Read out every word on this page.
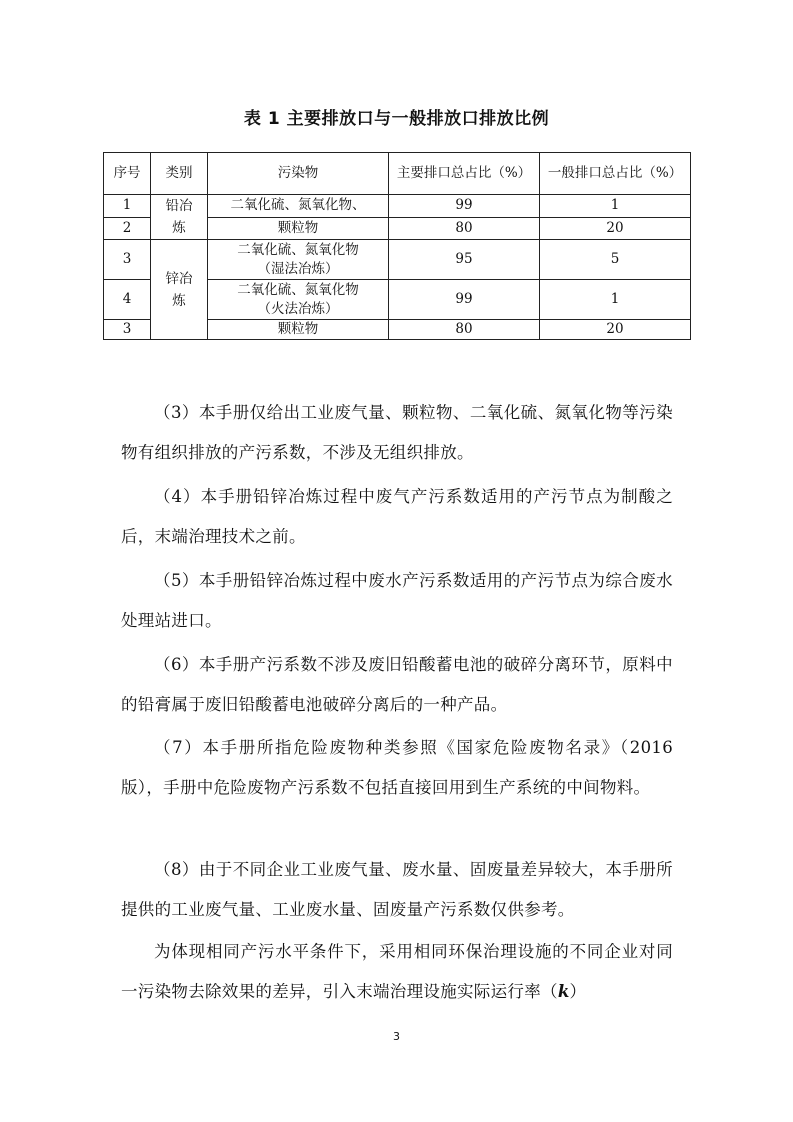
表 1 主要排放口与一般排放口排放比例
序号	类别	污染物	主要排口总占比（%）	一般排口总占比（%）
1	铅冶炼	二氧化硫、氮氧化物、	99	1
2		颗粒物	80	20
3	锌冶炼	二氧化硫、氮氧化物（湿法冶炼）	95	5
4		二氧化硫、氮氧化物（火法冶炼）	99	1
3		颗粒物	80	20

（3）本手册仅给出工业废气量、颗粒物、二氧化硫、氮氧化物等污染物有组织排放的产污系数，不涉及无组织排放。

（4）本手册铅锌冶炼过程中废气产污系数适用的产污节点为制酸之后，末端治理技术之前。

（5）本手册铅锌冶炼过程中废水产污系数适用的产污节点为综合废水处理站进口。

（6）本手册产污系数不涉及废旧铅酸蓄电池的破碎分离环节，原料中的铅膏属于废旧铅酸蓄电池破碎分离后的一种产品。

（7）本手册所指危险废物种类参照《国家危险废物名录》（2016版），手册中危险废物产污系数不包括直接回用到生产系统的中间物料。

（8）由于不同企业工业废气量、废水量、固废量差异较大，本手册所提供的工业废气量、工业废水量、固废量产污系数仅供参考。

为体现相同产污水平条件下，采用相同环保治理设施的不同企业对同一污染物去除效果的差异，引入末端治理设施实际运行率（k）

3
